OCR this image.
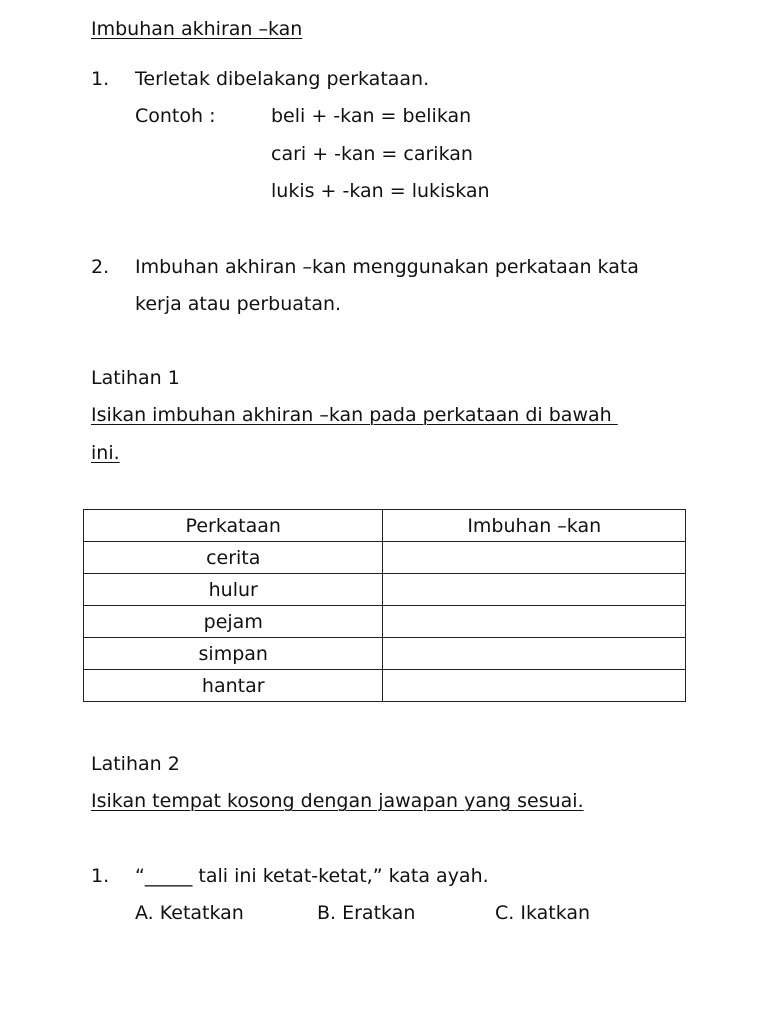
Imbuhan akhiran –kan
1. Terletak dibelakang perkataan.
Contoh :	beli + -kan = belikan
cari + -kan = carikan
lukis + -kan = lukiskan
2. Imbuhan akhiran –kan menggunakan perkataan kata
kerja atau perbuatan.
Latihan 1
Isikan imbuhan akhiran –kan pada perkataan di bawah
ini.
Perkataan	Imbuhan –kan
cerita	
hulur	
pejam	
simpan	
hantar	
Latihan 2
Isikan tempat kosong dengan jawapan yang sesuai.
1. “_____ tali ini ketat-ketat,” kata ayah.
A. Ketatkan	B. Eratkan	C. Ikatkan
